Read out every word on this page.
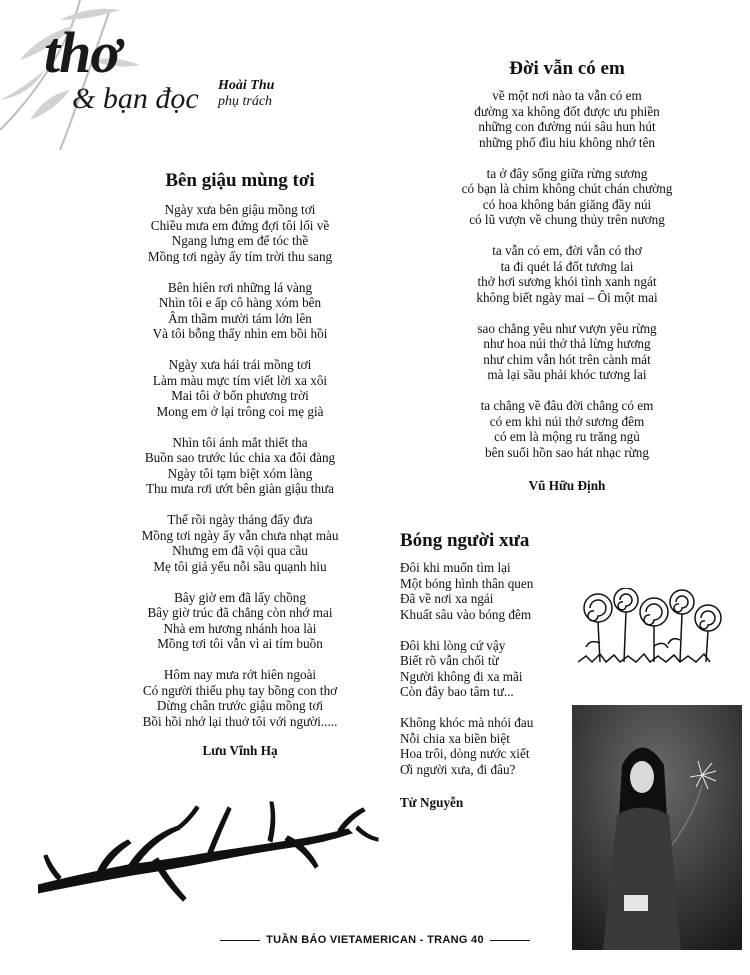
thơ
& bạn đọc Hoài Thu
phụ trách
Bên giậu mùng tơi
Ngày xưa bên giậu mồng tơi
Chiều mưa em đứng đợi tôi lối về
Ngang lưng em để tóc thề
Mồng tơi ngày ấy tím trời thu sang
Bên hiên rơi những lá vàng
Nhìn tôi e ấp cô hàng xóm bên
Âm thầm mười tám lớn lên
Và tôi bỗng thấy nhìn em bồi hồi
Ngày xưa hái trái mồng tơi
Làm màu mực tím viết lời xa xôi
Mai tôi ở bốn phương trời
Mong em ở lại trông coi mẹ già
Nhìn tôi ánh mắt thiết tha
Buồn sao trước lúc chia xa đôi đàng
Ngày tôi tạm biệt xóm làng
Thu mưa rơi ướt bên giàn giậu thưa
Thế rồi ngày tháng đẩy đưa
Mồng tơi ngày ấy vẫn chưa nhạt màu
Nhưng em đã vội qua cầu
Mẹ tôi giả yếu nỗi sầu quạnh hiu
Bây giờ em đã lấy chồng
Bây giờ trúc đã chẳng còn nhớ mai
Nhà em hương nhánh hoa lài
Mồng tơi tôi vẫn vì ai tím buồn
Hôm nay mưa rớt hiên ngoài
Có người thiếu phụ tay bồng con thơ
Dừng chân trước giậu mồng tơi
Bồi hồi nhớ lại thuở tôi với người.....
Lưu Vĩnh Hạ
Đời vẫn có em
về một nơi nào ta vẫn có em
đường xa không đốt được ưu phiền
những con đường núi sâu hun hút
những phố đìu hiu không nhớ tên
ta ở đây sống giữa rừng sương
có bạn là chim không chút chán chường
có hoa không bán giăng đầy núi
có lũ vượn về chung thủy trên nương
ta vẫn có em, đời vẫn có thơ
ta đi quét lá đốt tương lai
thở hơi sương khói tình xanh ngát
không biết ngày mai – Ôi một mai
sao chẳng yêu như vượn yêu rừng
như hoa núi thở thả lừng hương
như chim vẫn hót trên cành mát
mà lại sầu phải khóc tương lai
ta chẳng về đâu đời chẳng có em
có em khi núi thở sương đêm
có em là mộng ru trăng ngủ
bên suối hồn sao hát nhạc rừng
Vũ Hữu Định
Bóng người xưa
Đôi khi muốn tìm lại
Một bóng hình thân quen
Đã về nơi xa ngái
Khuất sâu vào bóng đêm
Đôi khi lòng cứ vậy
Biết rõ vẫn chối từ
Người không đi xa mãi
Còn đây bao tâm tư...
Không khóc mà nhói đau
Nỗi chia xa biền biệt
Hoa trôi, dòng nước xiết
Ơi người xưa, đi đâu?
Từ Nguyễn
TUẦN BÁO VIETAMERICAN - TRANG 40
